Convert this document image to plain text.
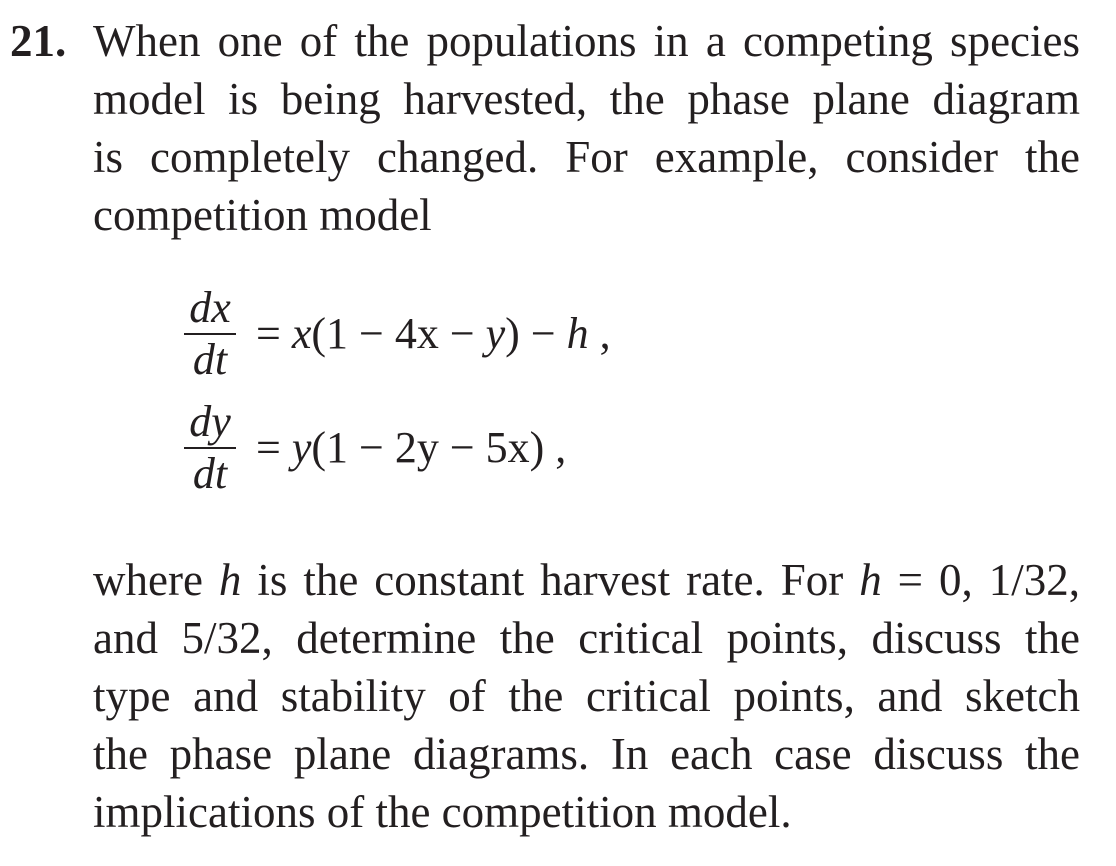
21. When one of the populations in a competing species
model is being harvested, the phase plane diagram
is completely changed. For example, consider the
competition model
$\frac{dx}{dt} = x(1 - 4x - y) - h$ ,
$\frac{dy}{dt} = y(1 - 2y - 5x)$ ,
where h is the constant harvest rate. For h = 0, 1/32,
and 5/32, determine the critical points, discuss the
type and stability of the critical points, and sketch
the phase plane diagrams. In each case discuss the
implications of the competition model.
